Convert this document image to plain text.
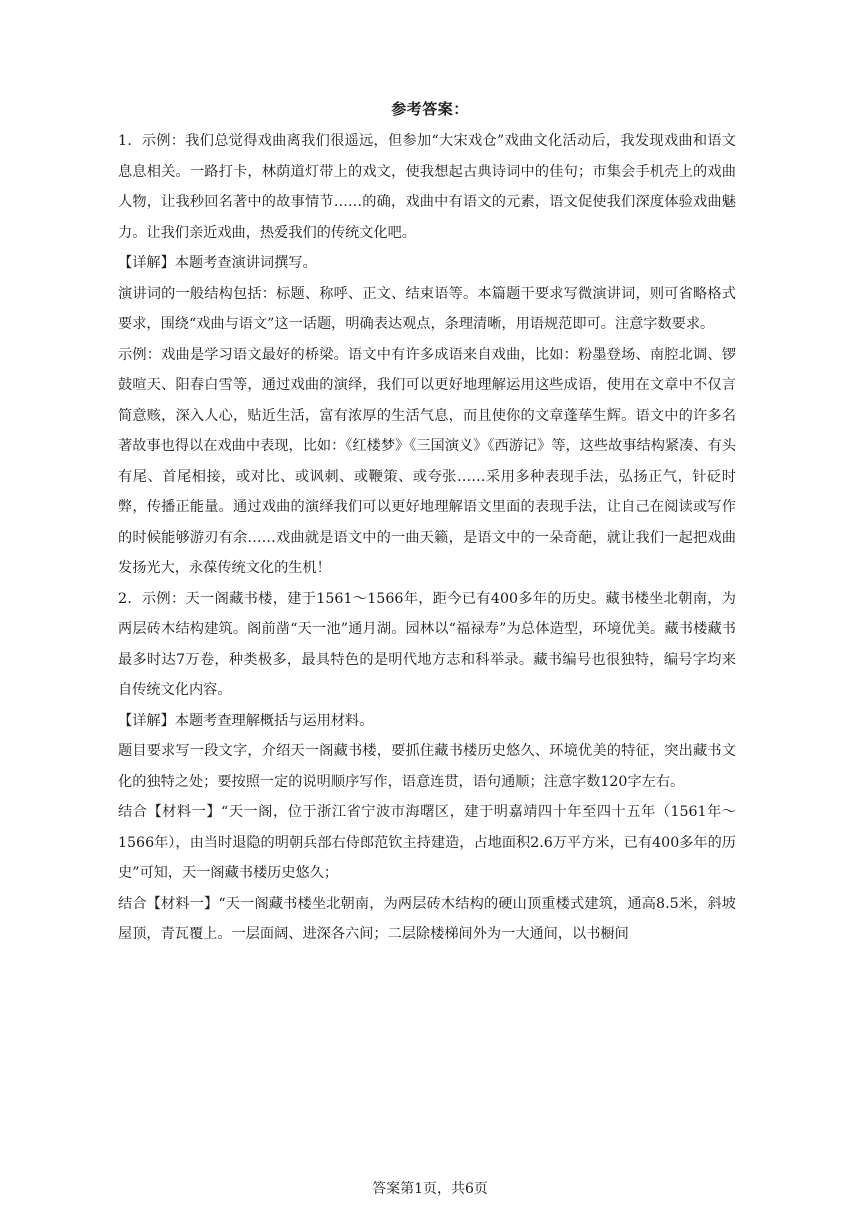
参考答案：

1．示例：我们总觉得戏曲离我们很遥远，但参加“大宋戏仓”戏曲文化活动后，我发现戏曲和语文息息相关。一路打卡，林荫道灯带上的戏文，使我想起古典诗词中的佳句；市集会手机壳上的戏曲人物，让我秒回名著中的故事情节……的确，戏曲中有语文的元素，语文促使我们深度体验戏曲魅力。让我们亲近戏曲，热爱我们的传统文化吧。

【详解】本题考查演讲词撰写。

演讲词的一般结构包括：标题、称呼、正文、结束语等。本篇题干要求写微演讲词，则可省略格式要求，围绕“戏曲与语文”这一话题，明确表达观点，条理清晰，用语规范即可。注意字数要求。

示例：戏曲是学习语文最好的桥梁。语文中有许多成语来自戏曲，比如：粉墨登场、南腔北调、锣鼓喧天、阳春白雪等，通过戏曲的演绎，我们可以更好地理解运用这些成语，使用在文章中不仅言简意赅，深入人心，贴近生活，富有浓厚的生活气息，而且使你的文章蓬荜生辉。语文中的许多名著故事也得以在戏曲中表现，比如：《红楼梦》《三国演义》《西游记》等，这些故事结构紧凑、有头有尾、首尾相接，或对比、或讽刺、或鞭策、或夸张……采用多种表现手法，弘扬正气，针砭时弊，传播正能量。通过戏曲的演绎我们可以更好地理解语文里面的表现手法，让自己在阅读或写作的时候能够游刃有余……戏曲就是语文中的一曲天籁，是语文中的一朵奇葩，就让我们一起把戏曲发扬光大，永葆传统文化的生机！

2．示例：天一阁藏书楼，建于1561～1566年，距今已有400多年的历史。藏书楼坐北朝南，为两层砖木结构建筑。阁前凿“天一池”通月湖。园林以“福禄寿”为总体造型，环境优美。藏书楼藏书最多时达7万卷，种类极多，最具特色的是明代地方志和科举录。藏书编号也很独特，编号字均来自传统文化内容。

【详解】本题考查理解概括与运用材料。

题目要求写一段文字，介绍天一阁藏书楼，要抓住藏书楼历史悠久、环境优美的特征，突出藏书文化的独特之处；要按照一定的说明顺序写作，语意连贯，语句通顺；注意字数120字左右。

结合【材料一】“天一阁，位于浙江省宁波市海曙区，建于明嘉靖四十年至四十五年（1561年～1566年），由当时退隐的明朝兵部右侍郎范钦主持建造，占地面积2.6万平方米，已有400多年的历史”可知，天一阁藏书楼历史悠久；

结合【材料一】“天一阁藏书楼坐北朝南，为两层砖木结构的硬山顶重楼式建筑，通高8.5米，斜坡屋顶，青瓦覆上。一层面阔、进深各六间；二层除楼梯间外为一大通间，以书橱间

答案第1页，共6页
